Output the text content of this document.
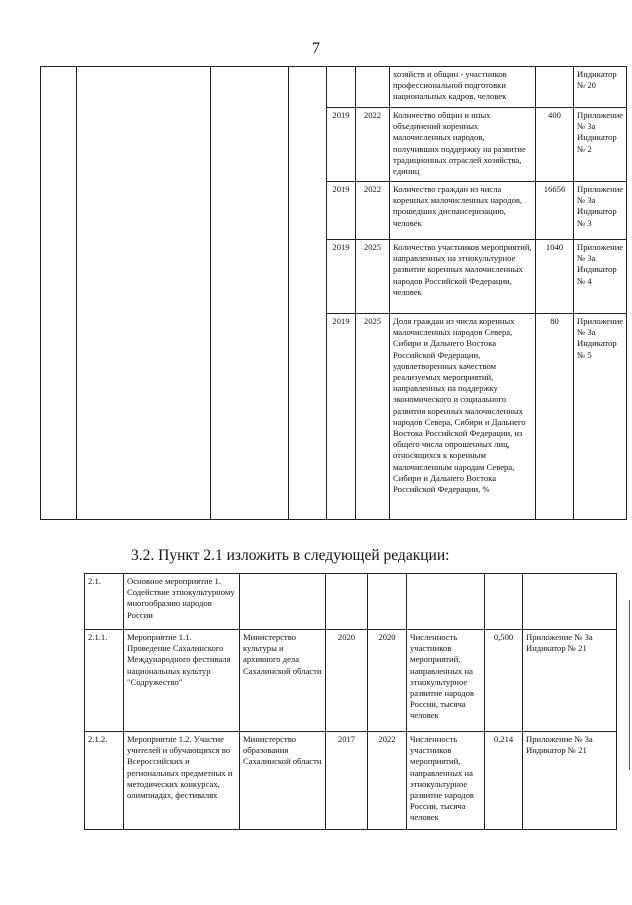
7
						хозяйств и общин - участников профессиональной подготовки национальных кадров, человек		Индикатор № 20
				2019	2022	Количество общин и иных объединений коренных малочисленных народов, получивших поддержку на развитие традиционных отраслей хозяйства, единиц	400	Приложение № 3а Индикатор № 2
				2019	2022	Количество граждан из числа коренных малочисленных народов, прошедших диспансеризацию, человек	16656	Приложение № 3а Индикатор № 3
				2019	2025	Количество участников мероприятий, направленных на этнокультурное развитие коренных малочисленных народов Российской Федерации, человек	1040	Приложение № 3а Индикатор № 4
				2019	2025	Доля граждан из числа коренных малочисленных народов Севера, Сибири и Дальнего Востока Российской Федерации, удовлетворенных качеством реализуемых мероприятий, направленных на поддержку экономического и социального развития коренных малочисленных народов Севера, Сибири и Дальнего Востока Российской Федерации, из общего числа опрошенных лиц, относящихся к коренным малочисленным народам Севера, Сибири и Дальнего Востока Российской Федерации, %	80	Приложение № 3а Индикатор № 5
3.2. Пункт 2.1 изложить в следующей редакции:
2.1.	Основное мероприятие 1. Содействие этнокультурному многообразию народов России						
2.1.1.	Мероприятие 1.1. Проведение Сахалинского Международного фестиваля национальных культур "Содружество"	Министерство культуры и архивного дела Сахалинской области	2020	2020	Численность участников мероприятий, направленных на этнокультурное развитие народов России, тысяча человек	0,500	Приложение № 3а Индикатор № 21
2.1.2.	Мероприятие 1.2. Участие учителей и обучающихся во Всероссийских и региональных предметных и методических конкурсах, олимпиадах, фестивалях	Министерство образования Сахалинской области	2017	2022	Численность участников мероприятий, направленных на этнокультурное развитие народов России, тысяча человек	0,214	Приложение № 3а Индикатор № 21
